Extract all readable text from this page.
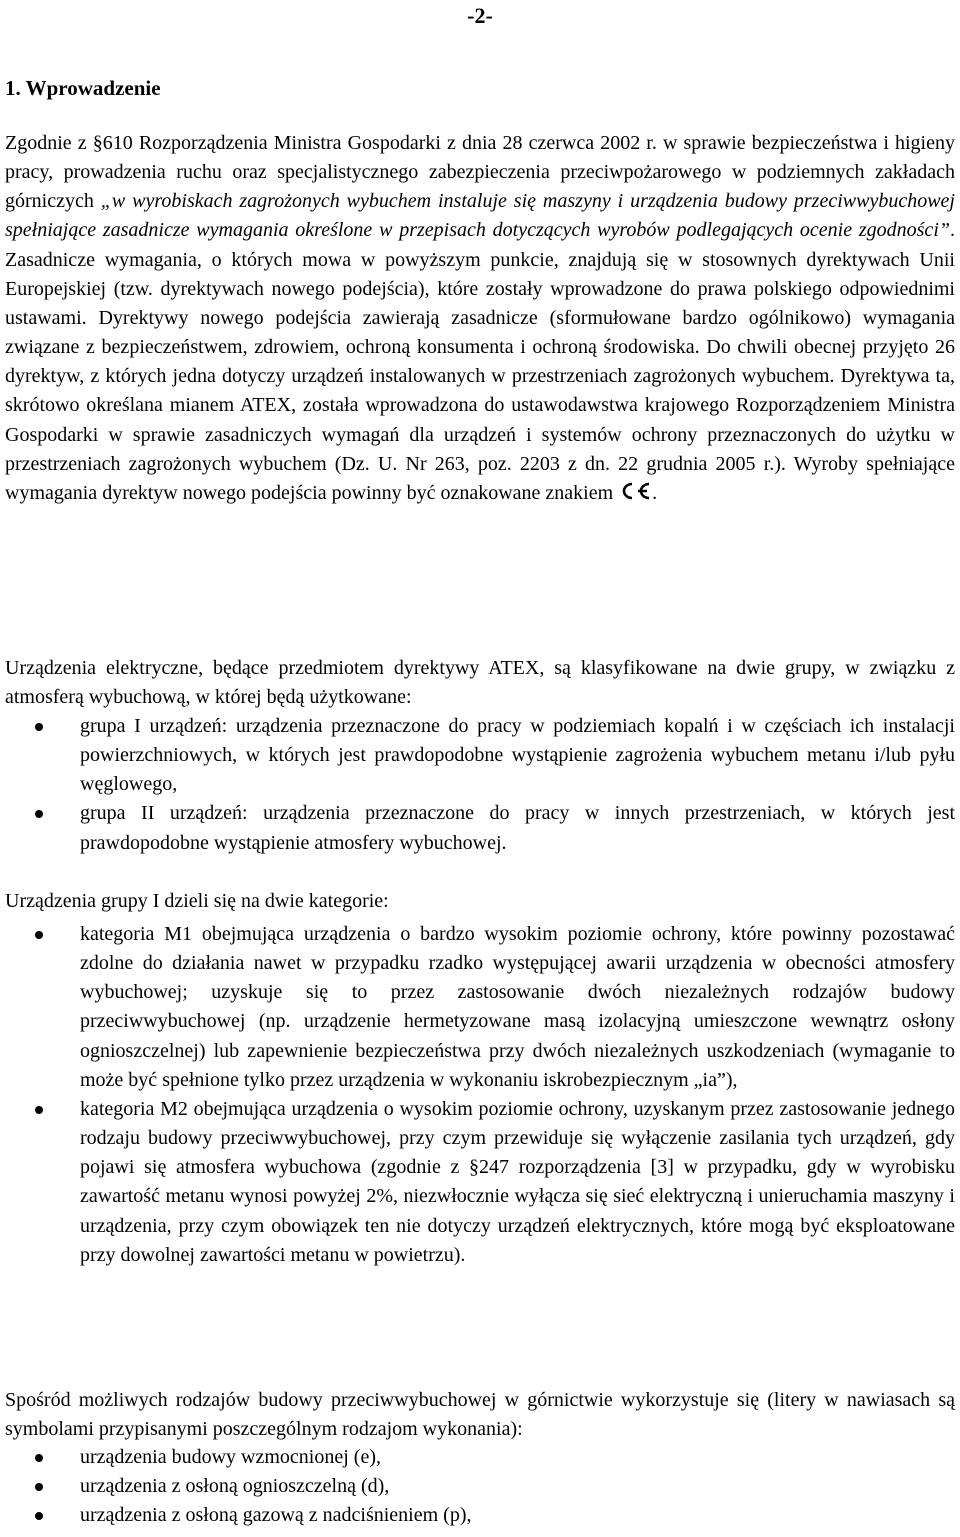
-2-
1. Wprowadzenie

Zgodnie z §610 Rozporządzenia Ministra Gospodarki z dnia 28 czerwca 2002 r. w sprawie bezpieczeństwa i higieny pracy, prowadzenia ruchu oraz specjalistycznego zabezpieczenia przeciwpożarowego w podziemnych zakładach górniczych „w wyrobiskach zagrożonych wybuchem instaluje się maszyny i urządzenia budowy przeciwwybuchowej spełniające zasadnicze wymagania określone w przepisach dotyczących wyrobów podlegających ocenie zgodności”. Zasadnicze wymagania, o których mowa w powyższym punkcie, znajdują się w stosownych dyrektywach Unii Europejskiej (tzw. dyrektywach nowego podejścia), które zostały wprowadzone do prawa polskiego odpowiednimi ustawami. Dyrektywy nowego podejścia zawierają zasadnicze (sformułowane bardzo ogólnikowo) wymagania związane z bezpieczeństwem, zdrowiem, ochroną konsumenta i ochroną środowiska. Do chwili obecnej przyjęto 26 dyrektyw, z których jedna dotyczy urządzeń instalowanych w przestrzeniach zagrożonych wybuchem. Dyrektywa ta, skrótowo określana mianem ATEX, została wprowadzona do ustawodawstwa krajowego Rozporządzeniem Ministra Gospodarki w sprawie zasadniczych wymagań dla urządzeń i systemów ochrony przeznaczonych do użytku w przestrzeniach zagrożonych wybuchem (Dz. U. Nr 263, poz. 2203 z dn. 22 grudnia 2005 r.). Wyroby spełniające wymagania dyrektyw nowego podejścia powinny być oznakowane znakiem .

Urządzenia elektryczne, będące przedmiotem dyrektywy ATEX, są klasyfikowane na dwie grupy, w związku z atmosferą wybuchową, w której będą użytkowane:

grupa I urządzeń: urządzenia przeznaczone do pracy w podziemiach kopalń i w częściach ich instalacji powierzchniowych, w których jest prawdopodobne wystąpienie zagrożenia wybuchem metanu i/lub pyłu węglowego,
grupa II urządzeń: urządzenia przeznaczone do pracy w innych przestrzeniach, w których jest prawdopodobne wystąpienie atmosfery wybuchowej.

Urządzenia grupy I dzieli się na dwie kategorie:

kategoria M1 obejmująca urządzenia o bardzo wysokim poziomie ochrony, które powinny pozostawać zdolne do działania nawet w przypadku rzadko występującej awarii urządzenia w obecności atmosfery wybuchowej; uzyskuje się to przez zastosowanie dwóch niezależnych rodzajów budowy przeciwwybuchowej (np. urządzenie hermetyzowane masą izolacyjną umieszczone wewnątrz osłony ognioszczelnej) lub zapewnienie bezpieczeństwa przy dwóch niezależnych uszkodzeniach (wymaganie to może być spełnione tylko przez urządzenia w wykonaniu iskrobezpiecznym „ia”),
kategoria M2 obejmująca urządzenia o wysokim poziomie ochrony, uzyskanym przez zastosowanie jednego rodzaju budowy przeciwwybuchowej, przy czym przewiduje się wyłączenie zasilania tych urządzeń, gdy pojawi się atmosfera wybuchowa (zgodnie z §247 rozporządzenia [3] w przypadku, gdy w wyrobisku zawartość metanu wynosi powyżej 2%, niezwłocznie wyłącza się sieć elektryczną i unieruchamia maszyny i urządzenia, przy czym obowiązek ten nie dotyczy urządzeń elektrycznych, które mogą być eksploatowane przy dowolnej zawartości metanu w powietrzu).

Spośród możliwych rodzajów budowy przeciwwybuchowej w górnictwie wykorzystuje się (litery w nawiasach są symbolami przypisanymi poszczególnym rodzajom wykonania):

urządzenia budowy wzmocnionej (e),
urządzenia z osłoną ognioszczelną (d),
urządzenia z osłoną gazową z nadciśnieniem (p),
